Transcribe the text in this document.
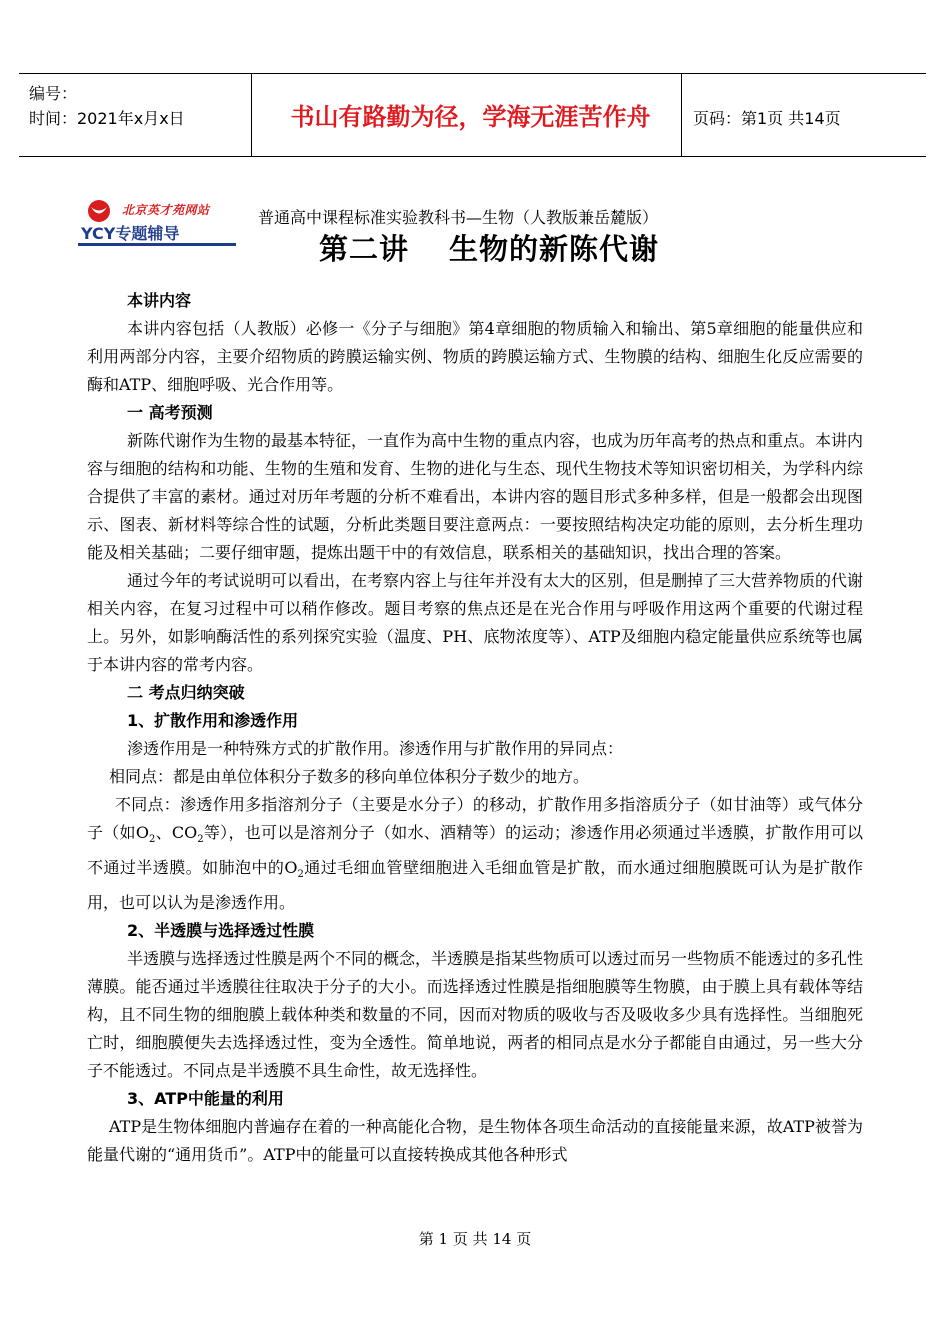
编号：
时间：2021年x月x日	书山有路勤为径，学海无涯苦作舟	页码：第1页 共14页
北京英才苑网站
YCY专题辅导
普通高中课程标准实验教科书—生物（人教版兼岳麓版）
第二讲 生物的新陈代谢

本讲内容

本讲内容包括（人教版）必修一《分子与细胞》第4章细胞的物质输入和输出、第5章细胞的能量供应和利用两部分内容，主要介绍物质的跨膜运输实例、物质的跨膜运输方式、生物膜的结构、细胞生化反应需要的酶和ATP、细胞呼吸、光合作用等。

一 高考预测

新陈代谢作为生物的最基本特征，一直作为高中生物的重点内容，也成为历年高考的热点和重点。本讲内容与细胞的结构和功能、生物的生殖和发育、生物的进化与生态、现代生物技术等知识密切相关，为学科内综合提供了丰富的素材。通过对历年考题的分析不难看出，本讲内容的题目形式多种多样，但是一般都会出现图示、图表、新材料等综合性的试题，分析此类题目要注意两点：一要按照结构决定功能的原则，去分析生理功能及相关基础；二要仔细审题，提炼出题干中的有效信息，联系相关的基础知识，找出合理的答案。

通过今年的考试说明可以看出，在考察内容上与往年并没有太大的区别，但是删掉了三大营养物质的代谢相关内容，在复习过程中可以稍作修改。题目考察的焦点还是在光合作用与呼吸作用这两个重要的代谢过程上。另外，如影响酶活性的系列探究实验（温度、PH、底物浓度等）、ATP及细胞内稳定能量供应系统等也属于本讲内容的常考内容。

二 考点归纳突破

1、扩散作用和渗透作用

渗透作用是一种特殊方式的扩散作用。渗透作用与扩散作用的异同点：

相同点：都是由单位体积分子数多的移向单位体积分子数少的地方。

不同点：渗透作用多指溶剂分子（主要是水分子）的移动，扩散作用多指溶质分子（如甘油等）或气体分子（如$O_2$、$CO_2$等），也可以是溶剂分子（如水、酒精等）的运动；渗透作用必须通过半透膜，扩散作用可以不通过半透膜。如肺泡中的$O_2$通过毛细血管壁细胞进入毛细血管是扩散，而水通过细胞膜既可认为是扩散作用，也可以认为是渗透作用。

2、半透膜与选择透过性膜

半透膜与选择透过性膜是两个不同的概念，半透膜是指某些物质可以透过而另一些物质不能透过的多孔性薄膜。能否通过半透膜往往取决于分子的大小。而选择透过性膜是指细胞膜等生物膜，由于膜上具有载体等结构，且不同生物的细胞膜上载体种类和数量的不同，因而对物质的吸收与否及吸收多少具有选择性。当细胞死亡时，细胞膜便失去选择透过性，变为全透性。简单地说，两者的相同点是水分子都能自由通过，另一些大分子不能透过。不同点是半透膜不具生命性，故无选择性。

3、ATP中能量的利用

ATP是生物体细胞内普遍存在着的一种高能化合物，是生物体各项生命活动的直接能量来源，故ATP被誉为能量代谢的“通用货币”。ATP中的能量可以直接转换成其他各种形式

第 1 页 共 14 页
